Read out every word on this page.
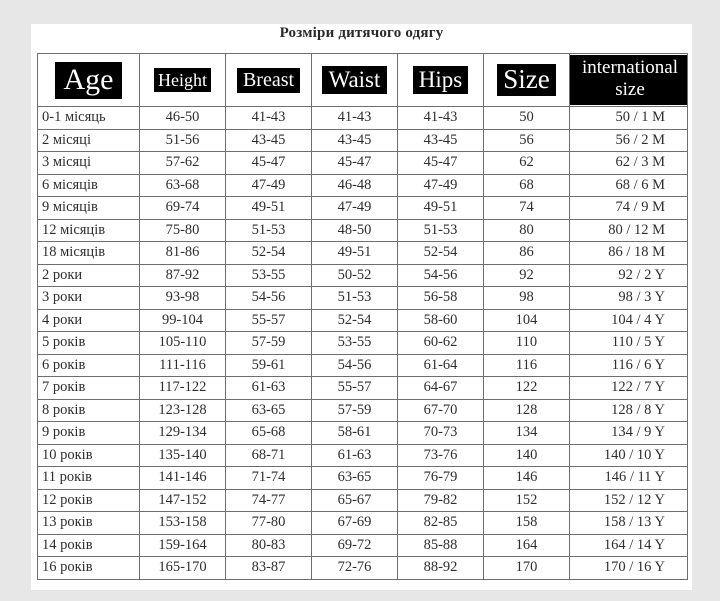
Розміри дитячого одягу
Age	Height	Breast	Waist	Hips	Size	international size
0-1 місяць	46-50	41-43	41-43	41-43	50	50 / 1 M
2 місяці	51-56	43-45	43-45	43-45	56	56 / 2 M
3 місяці	57-62	45-47	45-47	45-47	62	62 / 3 M
6 місяців	63-68	47-49	46-48	47-49	68	68 / 6 M
9 місяців	69-74	49-51	47-49	49-51	74	74 / 9 M
12 місяців	75-80	51-53	48-50	51-53	80	80 / 12 M
18 місяців	81-86	52-54	49-51	52-54	86	86 / 18 M
2 роки	87-92	53-55	50-52	54-56	92	92 / 2 Y
3 роки	93-98	54-56	51-53	56-58	98	98 / 3 Y
4 роки	99-104	55-57	52-54	58-60	104	104 / 4 Y
5 років	105-110	57-59	53-55	60-62	110	110 / 5 Y
6 років	111-116	59-61	54-56	61-64	116	116 / 6 Y
7 років	117-122	61-63	55-57	64-67	122	122 / 7 Y
8 років	123-128	63-65	57-59	67-70	128	128 / 8 Y
9 років	129-134	65-68	58-61	70-73	134	134 / 9 Y
10 років	135-140	68-71	61-63	73-76	140	140 / 10 Y
11 років	141-146	71-74	63-65	76-79	146	146 / 11 Y
12 років	147-152	74-77	65-67	79-82	152	152 / 12 Y
13 років	153-158	77-80	67-69	82-85	158	158 / 13 Y
14 років	159-164	80-83	69-72	85-88	164	164 / 14 Y
16 років	165-170	83-87	72-76	88-92	170	170 / 16 Y
